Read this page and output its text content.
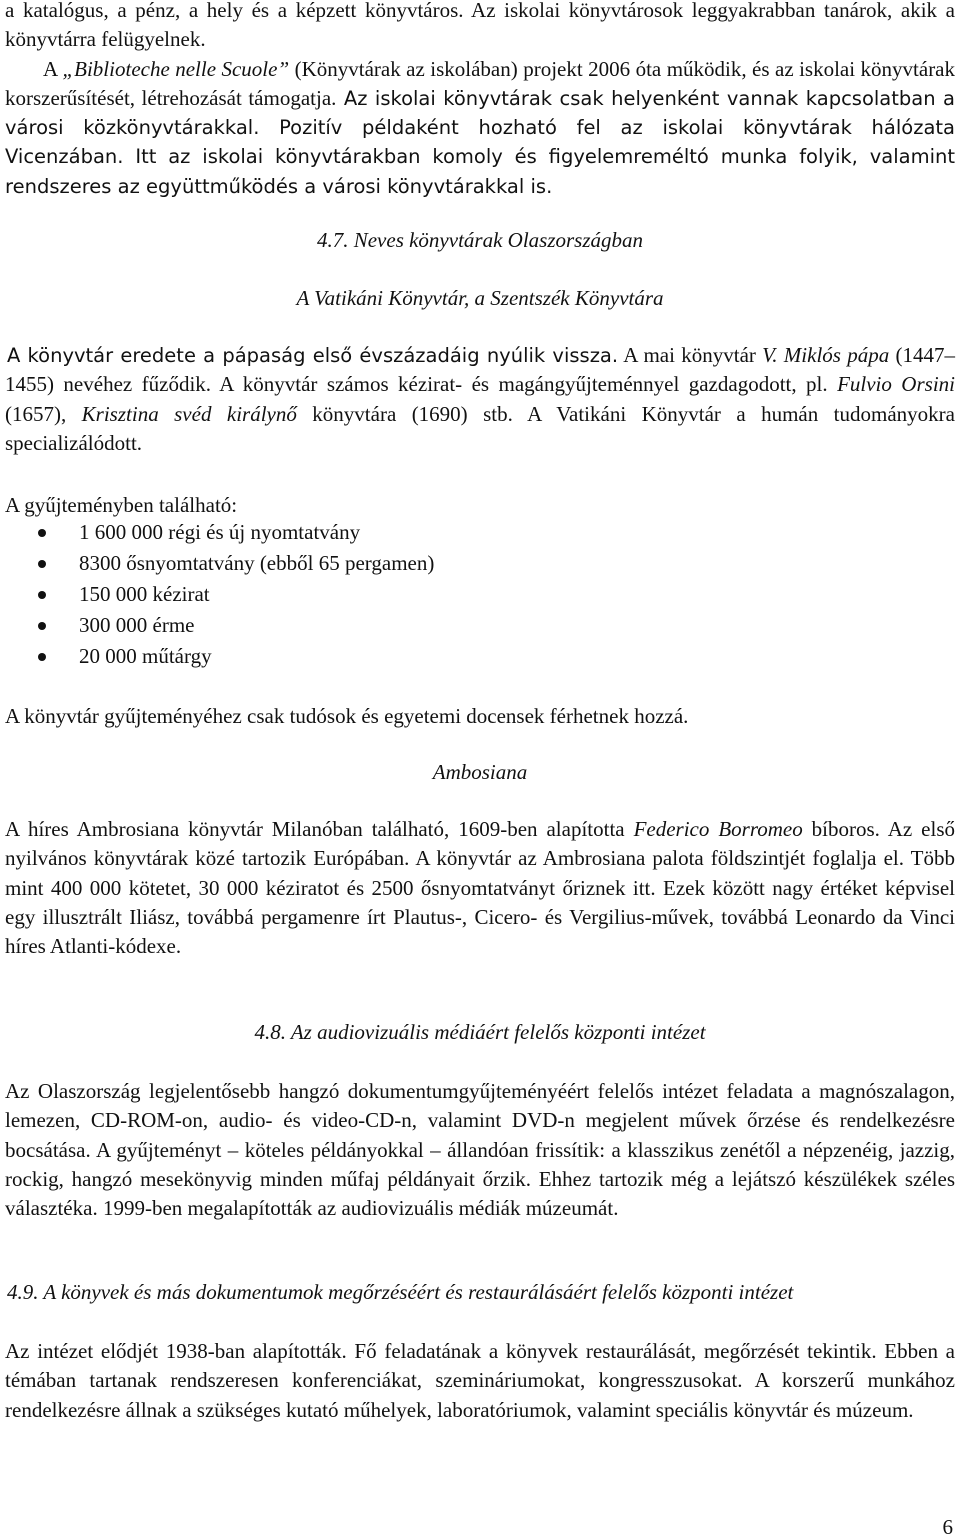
a katalógus, a pénz, a hely és a képzett könyvtáros. Az iskolai könyvtárosok leggyakrabban tanárok, akik a könyvtárra felügyelnek.
A „Biblioteche nelle Scuole” (Könyvtárak az iskolában) projekt 2006 óta működik, és az iskolai könyvtárak korszerűsítését, létrehozását támogatja. Az iskolai könyvtárak csak helyenként vannak kapcsolatban a városi közkönyvtárakkal. Pozitív példaként hozható fel az iskolai könyvtárak hálózata Vicenzában. Itt az iskolai könyvtárakban komoly és figyelemreméltó munka folyik, valamint rendszeres az együttműködés a városi könyvtárakkal is.

4.7. Neves könyvtárak Olaszországban

A Vatikáni Könyvtár, a Szentszék Könyvtára

A könyvtár eredete a pápaság első évszázadáig nyúlik vissza. A mai könyvtár V. Miklós pápa (1447–1455) nevéhez fűződik. A könyvtár számos kézirat- és magángyűjteménnyel gazdagodott, pl. Fulvio Orsini (1657), Krisztina svéd királynő könyvtára (1690) stb. A Vatikáni Könyvtár a humán tudományokra specializálódott.

A gyűjteményben található:

1 600 000 régi és új nyomtatvány
8300 ősnyomtatvány (ebből 65 pergamen)
150 000 kézirat
300 000 érme
20 000 műtárgy

A könyvtár gyűjteményéhez csak tudósok és egyetemi docensek férhetnek hozzá.

Ambosiana

A híres Ambrosiana könyvtár Milanóban található, 1609-ben alapította Federico Borromeo bíboros. Az első nyilvános könyvtárak közé tartozik Európában. A könyvtár az Ambrosiana palota földszintjét foglalja el. Több mint 400 000 kötetet, 30 000 kéziratot és 2500 ősnyomtatványt őriznek itt. Ezek között nagy értéket képvisel egy illusztrált Iliász, továbbá pergamenre írt Plautus-, Cicero- és Vergilius-művek, továbbá Leonardo da Vinci híres Atlanti-kódexe.

4.8. Az audiovizuális médiáért felelős központi intézet

Az Olaszország legjelentősebb hangzó dokumentumgyűjteményéért felelős intézet feladata a magnószalagon, lemezen, CD-ROM-on, audio- és video-CD-n, valamint DVD-n megjelent művek őrzése és rendelkezésre bocsátása. A gyűjteményt – köteles példányokkal – állandóan frissítik: a klasszikus zenétől a népzenéig, jazzig, rockig, hangzó mesekönyvig minden műfaj példányait őrzik. Ehhez tartozik még a lejátszó készülékek széles választéka. 1999-ben megalapították az audiovizuális médiák múzeumát.

4.9. A könyvek és más dokumentumok megőrzéséért és restaurálásáért felelős központi intézet

Az intézet elődjét 1938-ban alapították. Fő feladatának a könyvek restaurálását, megőrzését tekintik. Ebben a témában tartanak rendszeresen konferenciákat, szemináriumokat, kongresszusokat. A korszerű munkához rendelkezésre állnak a szükséges kutató műhelyek, laboratóriumok, valamint speciális könyvtár és múzeum.

6
